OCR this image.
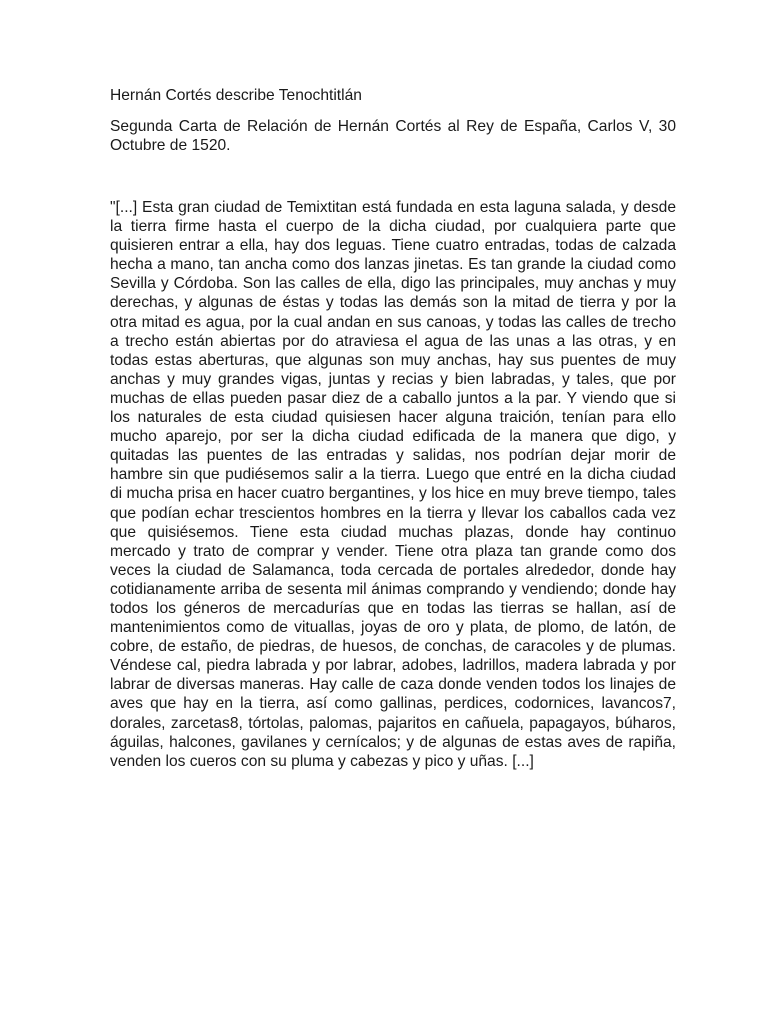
Hernán Cortés describe Tenochtitlán

Segunda Carta de Relación de Hernán Cortés al Rey de España, Carlos V, 30 Octubre de 1520.

"[...] Esta gran ciudad de Temixtitan está fundada en esta laguna salada, y desde la tierra firme hasta el cuerpo de la dicha ciudad, por cualquiera parte que quisieren entrar a ella, hay dos leguas. Tiene cuatro entradas, todas de calzada hecha a mano, tan ancha como dos lanzas jinetas. Es tan grande la ciudad como Sevilla y Córdoba. Son las calles de ella, digo las principales, muy anchas y muy derechas, y algunas de éstas y todas las demás son la mitad de tierra y por la otra mitad es agua, por la cual andan en sus canoas, y todas las calles de trecho a trecho están abiertas por do atraviesa el agua de las unas a las otras, y en todas estas aberturas, que algunas son muy anchas, hay sus puentes de muy anchas y muy grandes vigas, juntas y recias y bien labradas, y tales, que por muchas de ellas pueden pasar diez de a caballo juntos a la par. Y viendo que si los naturales de esta ciudad quisiesen hacer alguna traición, tenían para ello mucho aparejo, por ser la dicha ciudad edificada de la manera que digo, y quitadas las puentes de las entradas y salidas, nos podrían dejar morir de hambre sin que pudiésemos salir a la tierra. Luego que entré en la dicha ciudad di mucha prisa en hacer cuatro bergantines, y los hice en muy breve tiempo, tales que podían echar trescientos hombres en la tierra y llevar los caballos cada vez que quisiésemos. Tiene esta ciudad muchas plazas, donde hay continuo mercado y trato de comprar y vender. Tiene otra plaza tan grande como dos veces la ciudad de Salamanca, toda cercada de portales alrededor, donde hay cotidianamente arriba de sesenta mil ánimas comprando y vendiendo; donde hay todos los géneros de mercadurías que en todas las tierras se hallan, así de mantenimientos como de vituallas, joyas de oro y plata, de plomo, de latón, de cobre, de estaño, de piedras, de huesos, de conchas, de caracoles y de plumas. Véndese cal, piedra labrada y por labrar, adobes, ladrillos, madera labrada y por labrar de diversas maneras. Hay calle de caza donde venden todos los linajes de aves que hay en la tierra, así como gallinas, perdices, codornices, lavancos7, dorales, zarcetas8, tórtolas, palomas, pajaritos en cañuela, papagayos, búharos, águilas, halcones, gavilanes y cernícalos; y de algunas de estas aves de rapiña, venden los cueros con su pluma y cabezas y pico y uñas. [...]
